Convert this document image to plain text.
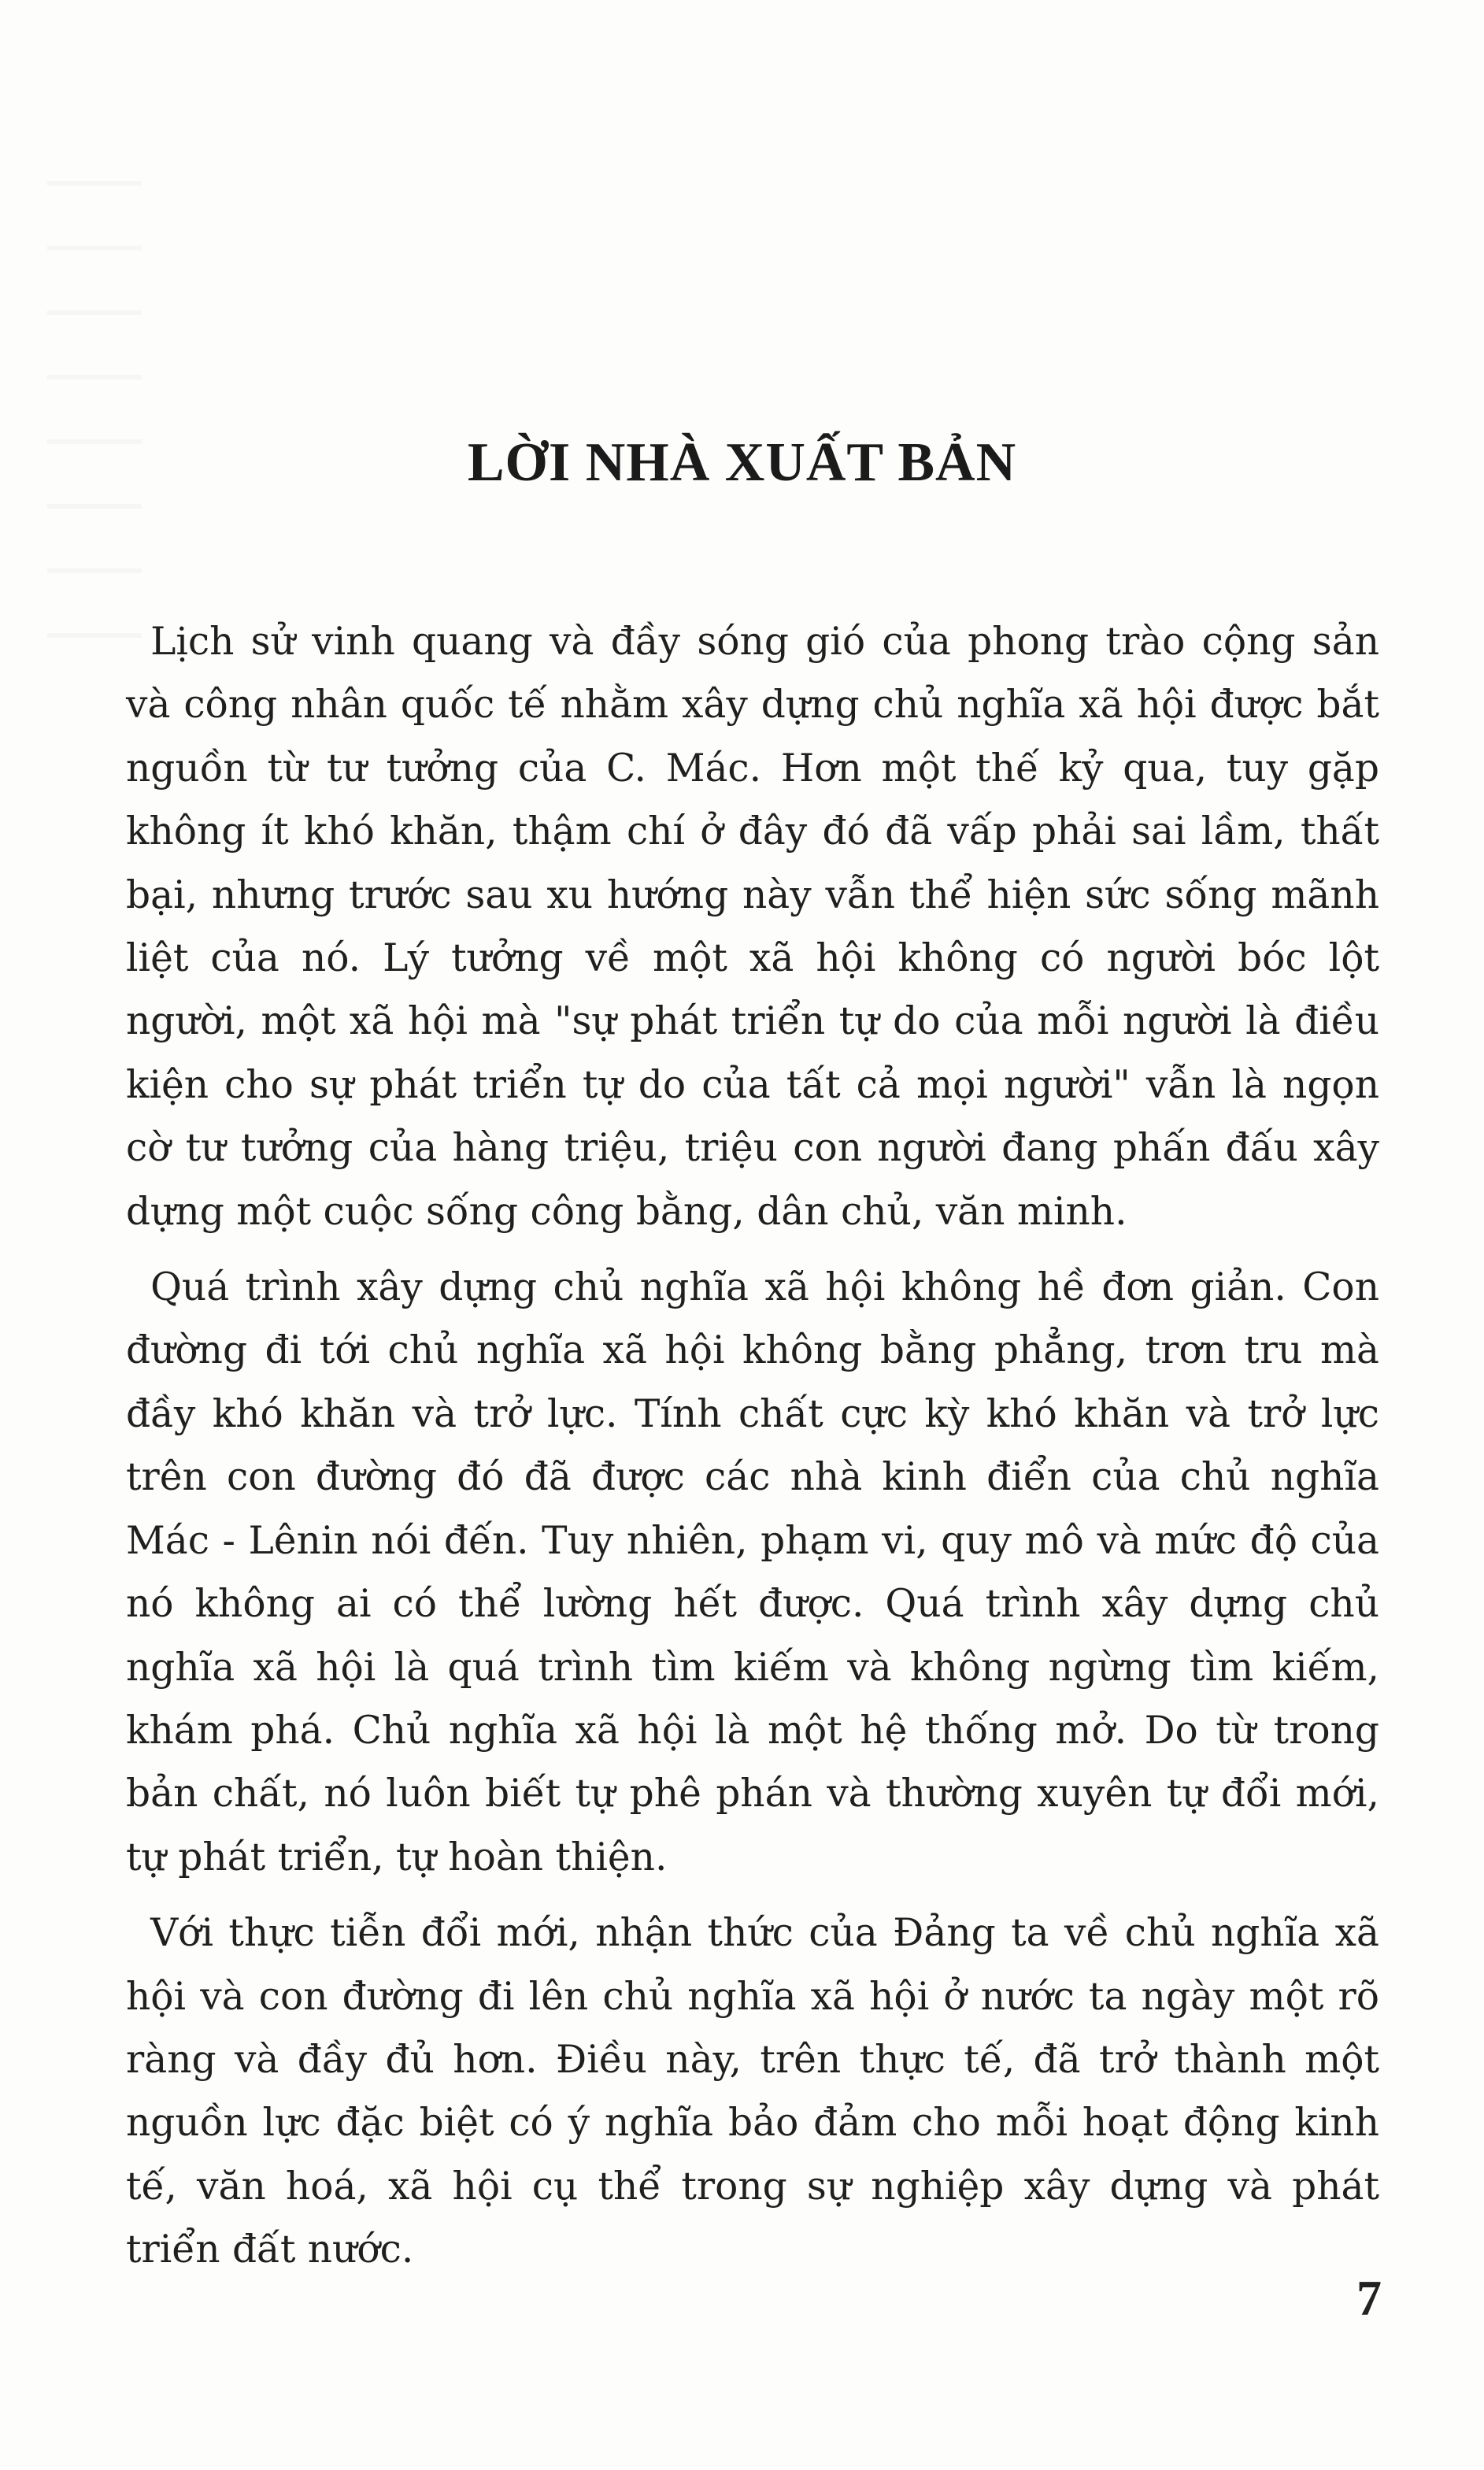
LỜI NHÀ XUẤT BẢN

Lịch sử vinh quang và đầy sóng gió của phong trào cộng sản và công nhân quốc tế nhằm xây dựng chủ nghĩa xã hội được bắt nguồn từ tư tưởng của C. Mác. Hơn một thế kỷ qua, tuy gặp không ít khó khăn, thậm chí ở đây đó đã vấp phải sai lầm, thất bại, nhưng trước sau xu hướng này vẫn thể hiện sức sống mãnh liệt của nó. Lý tưởng về một xã hội không có người bóc lột người, một xã hội mà "sự phát triển tự do của mỗi người là điều kiện cho sự phát triển tự do của tất cả mọi người" vẫn là ngọn cờ tư tưởng của hàng triệu, triệu con người đang phấn đấu xây dựng một cuộc sống công bằng, dân chủ, văn minh.

Quá trình xây dựng chủ nghĩa xã hội không hề đơn giản. Con đường đi tới chủ nghĩa xã hội không bằng phẳng, trơn tru mà đầy khó khăn và trở lực. Tính chất cực kỳ khó khăn và trở lực trên con đường đó đã được các nhà kinh điển của chủ nghĩa Mác - Lênin nói đến. Tuy nhiên, phạm vi, quy mô và mức độ của nó không ai có thể lường hết được. Quá trình xây dựng chủ nghĩa xã hội là quá trình tìm kiếm và không ngừng tìm kiếm, khám phá. Chủ nghĩa xã hội là một hệ thống mở. Do từ trong bản chất, nó luôn biết tự phê phán và thường xuyên tự đổi mới, tự phát triển, tự hoàn thiện.

Với thực tiễn đổi mới, nhận thức của Đảng ta về chủ nghĩa xã hội và con đường đi lên chủ nghĩa xã hội ở nước ta ngày một rõ ràng và đầy đủ hơn. Điều này, trên thực tế, đã trở thành một nguồn lực đặc biệt có ý nghĩa bảo đảm cho mỗi hoạt động kinh tế, văn hoá, xã hội cụ thể trong sự nghiệp xây dựng và phát triển đất nước.

7
